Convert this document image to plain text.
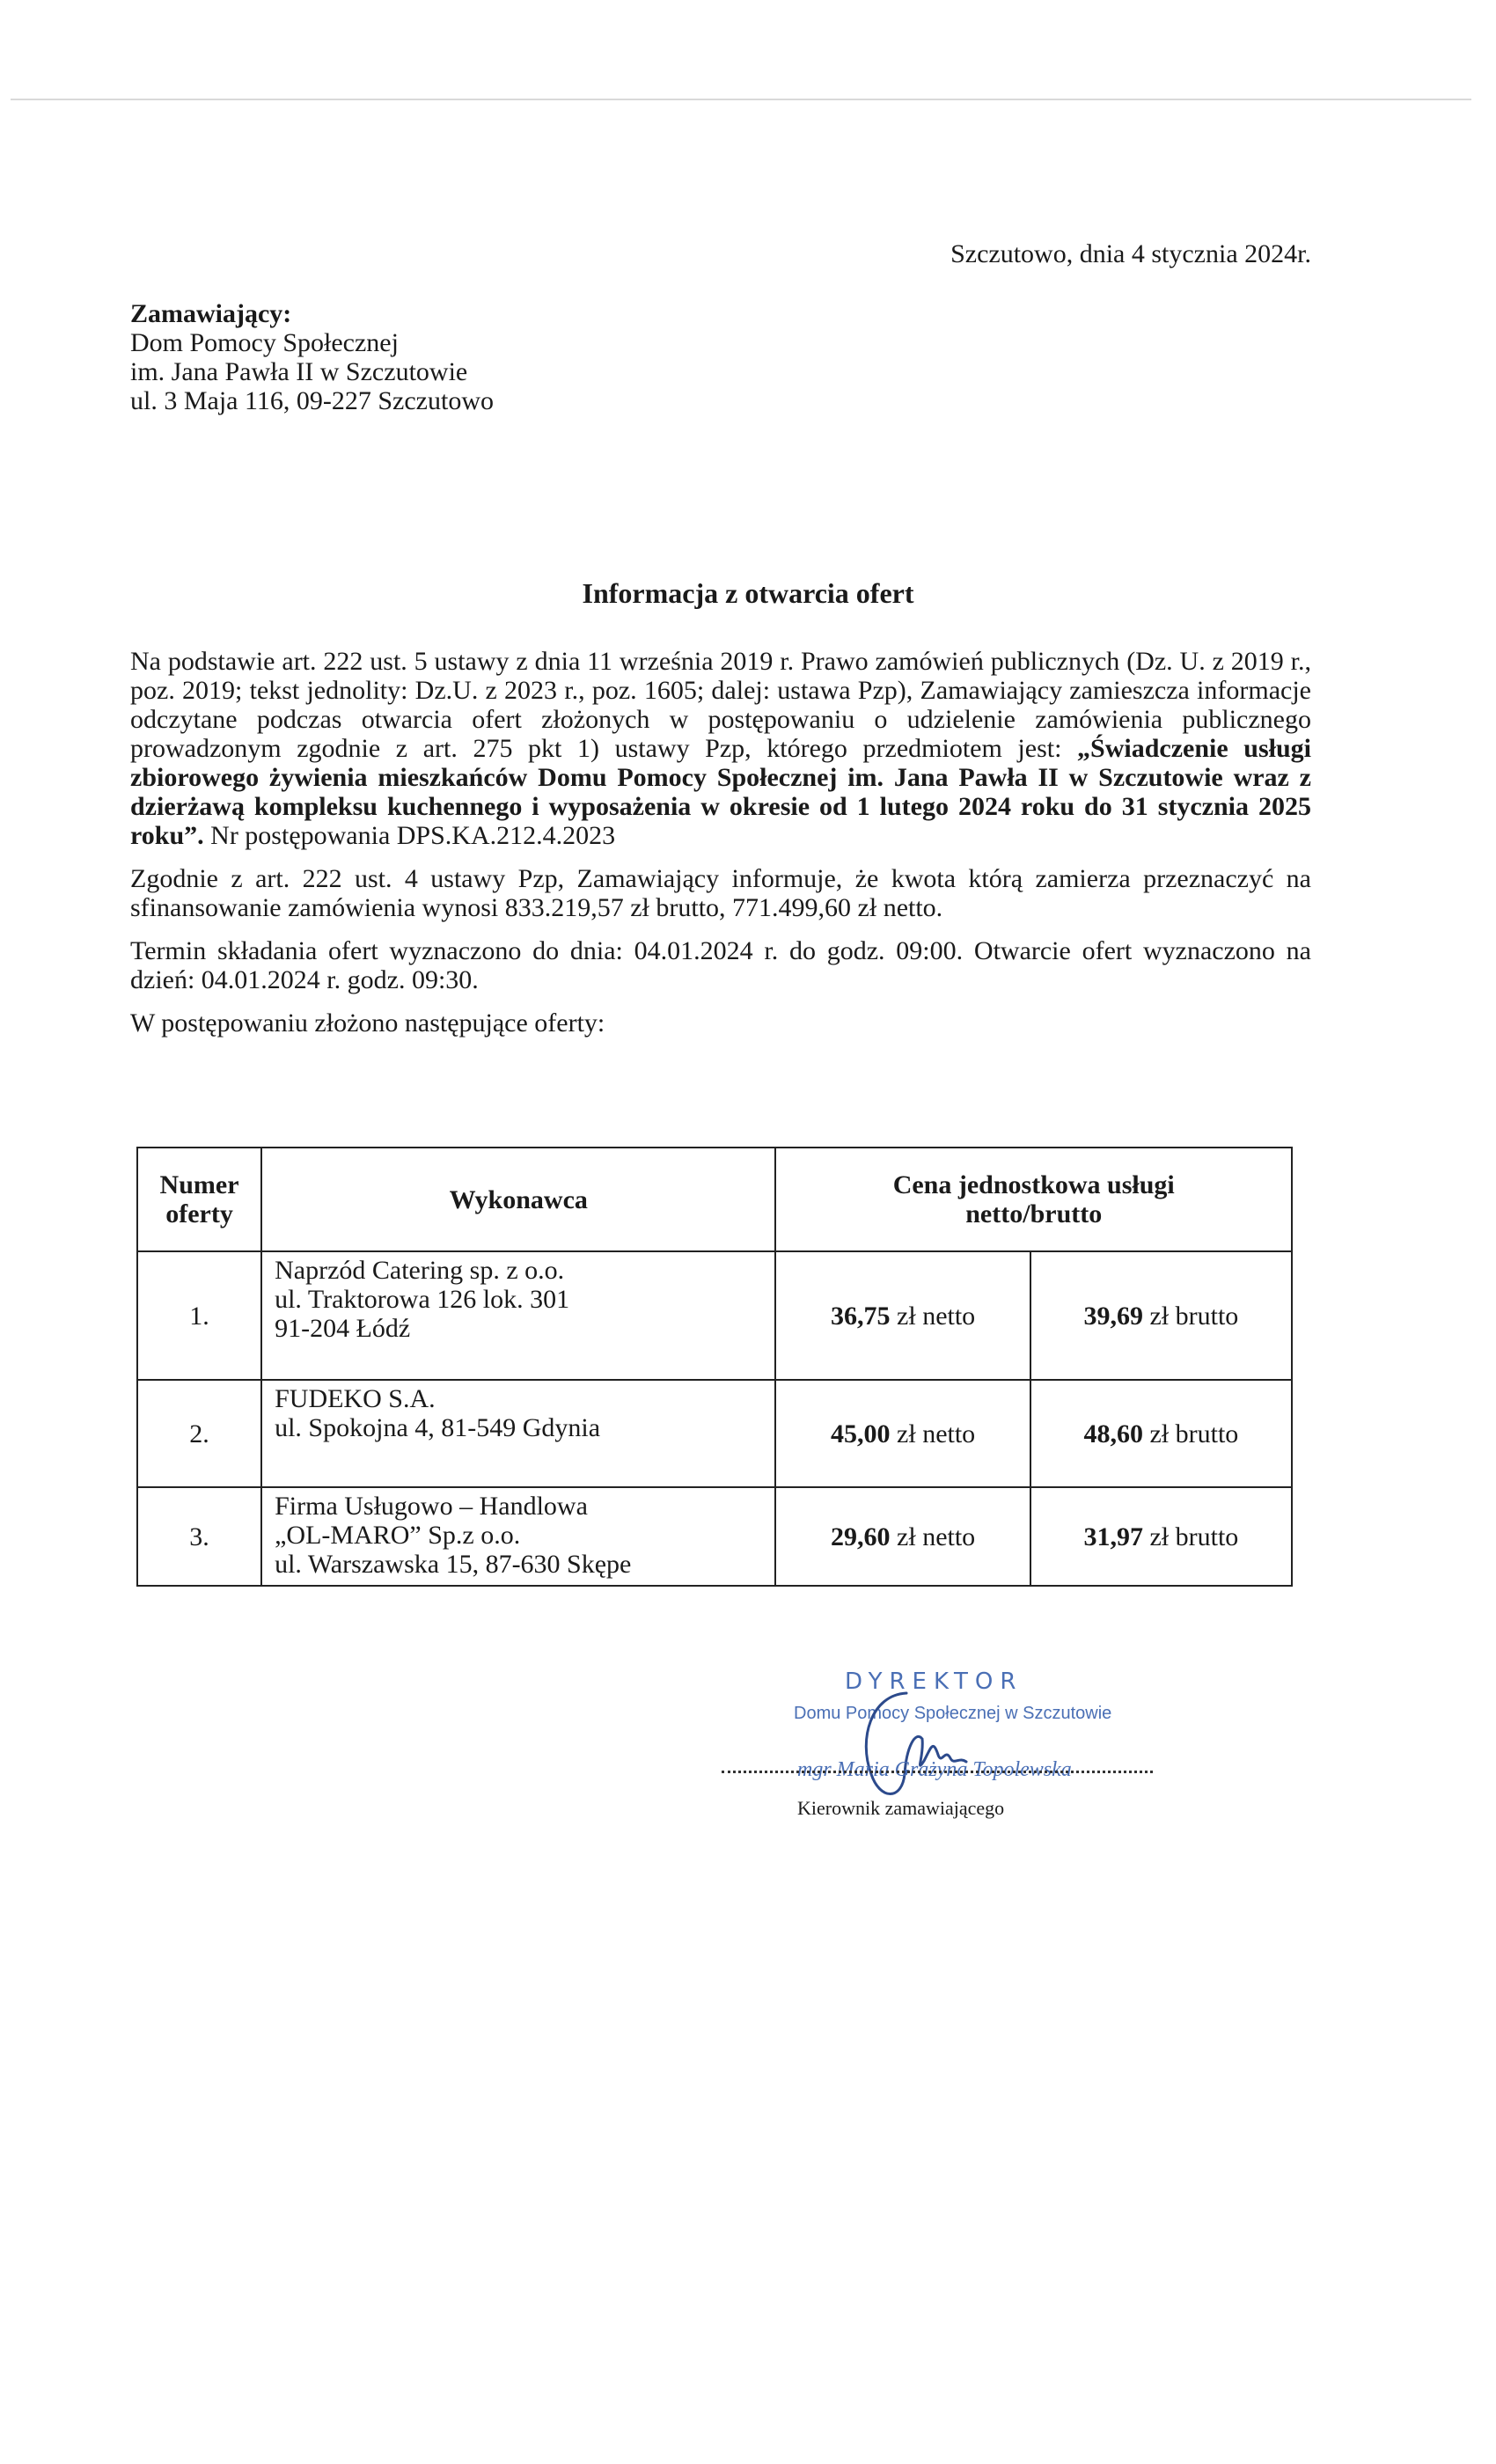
Szczutowo, dnia 4 stycznia 2024r.
Zamawiający:
Dom Pomocy Społecznej
im. Jana Pawła II w Szczutowie
ul. 3 Maja 116, 09-227 Szczutowo
Informacja z otwarcia ofert

Na podstawie art. 222 ust. 5 ustawy z dnia 11 września 2019 r. Prawo zamówień publicznych (Dz. U. z 2019 r., poz. 2019; tekst jednolity: Dz.U. z 2023 r., poz. 1605; dalej: ustawa Pzp), Zamawiający zamieszcza informacje odczytane podczas otwarcia ofert złożonych w postępowaniu o udzielenie zamówienia publicznego prowadzonym zgodnie z art. 275 pkt 1) ustawy Pzp, którego przedmiotem jest: „Świadczenie usługi zbiorowego żywienia mieszkańców Domu Pomocy Społecznej im. Jana Pawła II w Szczutowie wraz z dzierżawą kompleksu kuchennego i wyposażenia w okresie od 1 lutego 2024 roku do 31 stycznia 2025 roku”. Nr postępowania DPS.KA.212.4.2023

Zgodnie z art. 222 ust. 4 ustawy Pzp, Zamawiający informuje, że kwota którą zamierza przeznaczyć na sfinansowanie zamówienia wynosi 833.219,57 zł brutto, 771.499,60 zł netto.

Termin składania ofert wyznaczono do dnia: 04.01.2024 r. do godz. 09:00. Otwarcie ofert wyznaczono na dzień: 04.01.2024 r. godz. 09:30.

W postępowaniu złożono następujące oferty:

Numer oferty	Wykonawca	Cena jednostkowa usługi netto/brutto	
1.	Naprzód Catering sp. z o.o.
ul. Traktorowa 126 lok. 301
91-204 Łódź	36,75 zł netto	39,69 zł brutto
2.	FUDEKO S.A.
ul. Spokojna 4, 81-549 Gdynia	45,00 zł netto	48,60 zł brutto
3.	Firma Usługowo – Handlowa
„OL-MARO” Sp.z o.o.
ul. Warszawska 15, 87-630 Skępe	29,60 zł netto	31,97 zł brutto
DYREKTOR
Domu Pomocy Społecznej w Szczutowie
mgr Maria Grażyna Topolewska
Kierownik zamawiającego
